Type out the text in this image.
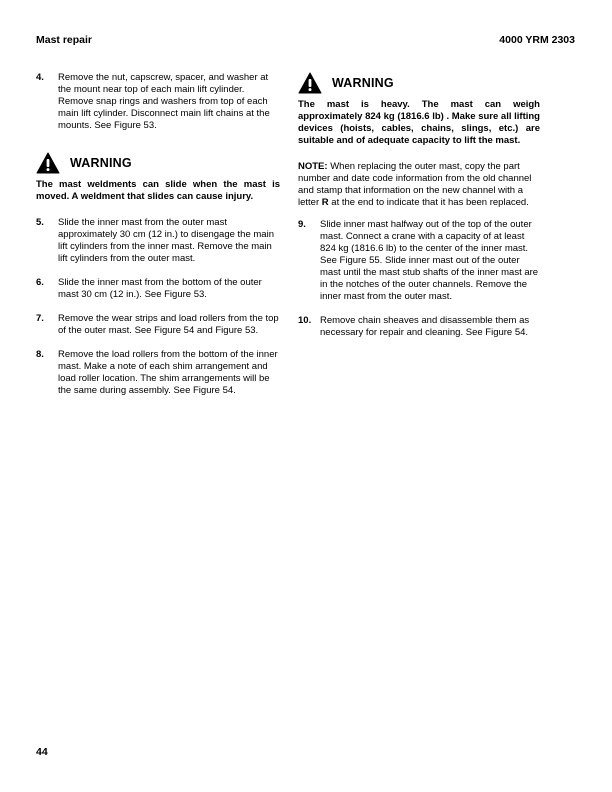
Mast repair	4000 YRM 2303
4. Remove the nut, capscrew, spacer, and washer at the mount near top of each main lift cylinder. Remove snap rings and washers from top of each main lift cylinder. Disconnect main lift chains at the mounts. See Figure 53.
WARNING
The mast weldments can slide when the mast is moved. A weldment that slides can cause injury.
5. Slide the inner mast from the outer mast approximately 30 cm (12 in.) to disengage the main lift cylinders from the inner mast. Remove the main lift cylinders from the outer mast.
6. Slide the inner mast from the bottom of the outer mast 30 cm (12 in.). See Figure 53.
7. Remove the wear strips and load rollers from the top of the outer mast. See Figure 54 and Figure 53.
8. Remove the load rollers from the bottom of the inner mast. Make a note of each shim arrangement and load roller location. The shim arrangements will be the same during assembly. See Figure 54.
WARNING
The mast is heavy. The mast can weigh approximately 824 kg (1816.6 lb) . Make sure all lifting devices (hoists, cables, chains, slings, etc.) are suitable and of adequate capacity to lift the mast.
NOTE: When replacing the outer mast, copy the part number and date code information from the old channel and stamp that information on the new channel with a letter R at the end to indicate that it has been replaced.
9. Slide inner mast halfway out of the top of the outer mast. Connect a crane with a capacity of at least 824 kg (1816.6 lb) to the center of the inner mast. See Figure 55. Slide inner mast out of the outer mast until the mast stub shafts of the inner mast are in the notches of the outer channels. Remove the inner mast from the outer mast.
10. Remove chain sheaves and disassemble them as necessary for repair and cleaning. See Figure 54.
44
